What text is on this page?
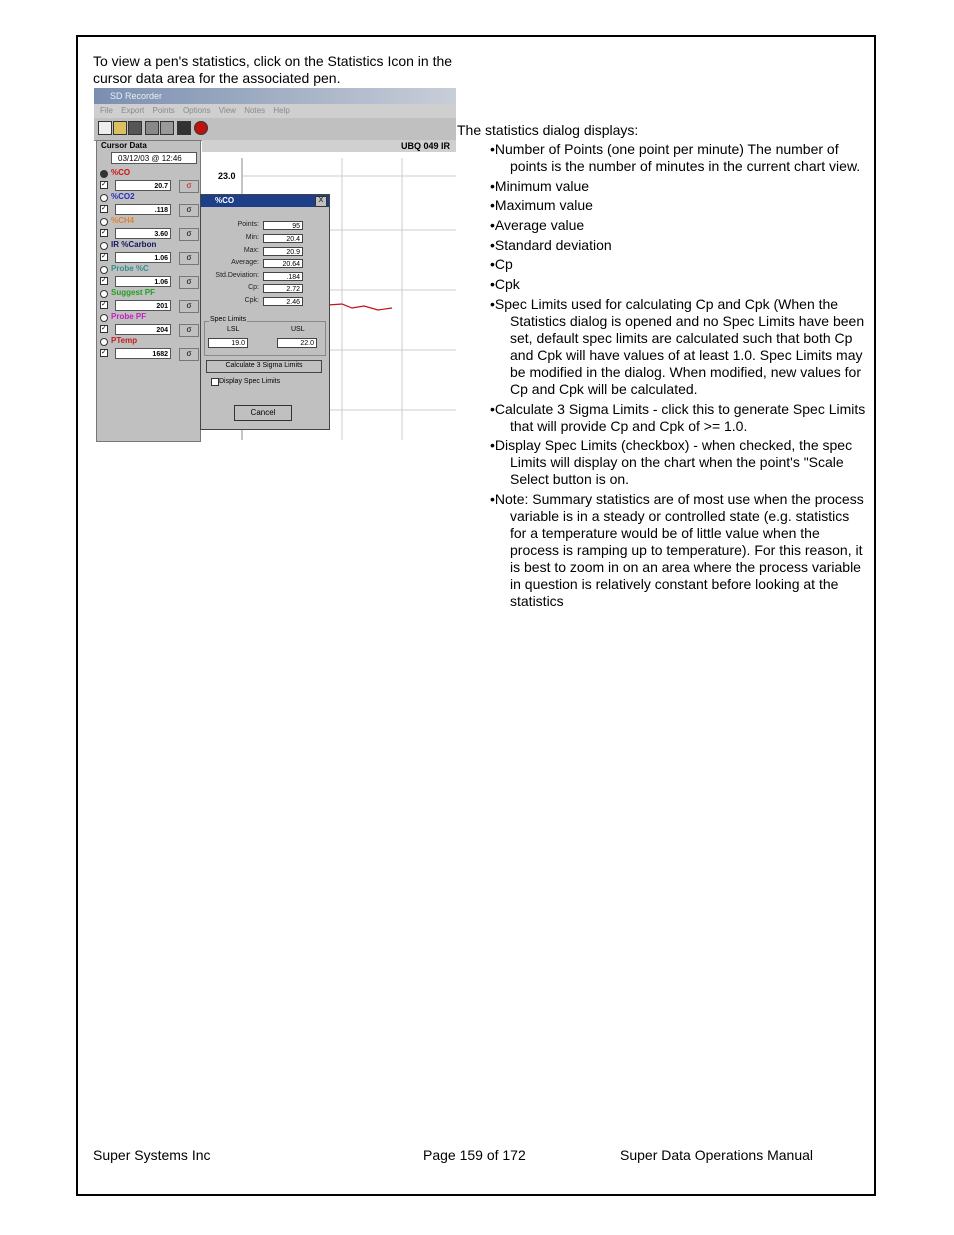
To view a pen's statistics, click on the Statistics Icon in the cursor data area for the associated pen.
SD Recorder
File Export Points Options View Notes Help
Cursor Data
03/12/03 @ 12:46
%CO
✓	20.7	σ
%CO2
✓	.118	σ
%CH4
✓	3.60	σ
IR %Carbon
✓	1.06	σ
Probe %C
✓	1.06	σ
Suggest PF
✓	201	σ
Probe PF
✓	204	σ
PTemp
✓	1682	σ
UBQ 049 IR
23.0
%CO	X
Points:	95
Min:	20.4
Max:	20.9
Average:	20.64
Std.Deviation:	.184
Cp:	2.72
Cpk:	2.46
Spec Limits
LSL	USL
19.0	22.0
Calculate 3 Sigma Limits
Display Spec Limits
Cancel
The statistics dialog displays:
•Number of Points (one point per minute) The number of points is the number of minutes in the current chart view.
•Minimum value
•Maximum value
•Average value
•Standard deviation
•Cp
•Cpk
•Spec Limits used for calculating Cp and Cpk (When the Statistics dialog is opened and no Spec Limits have been set, default spec limits are calculated such that both Cp and Cpk will have values of at least 1.0. Spec Limits may be modified in the dialog. When modified, new values for Cp and Cpk will be calculated.
•Calculate 3 Sigma Limits - click this to generate Spec Limits that will provide Cp and Cpk of >= 1.0.
•Display Spec Limits (checkbox) - when checked, the spec Limits will display on the chart when the point's "Scale Select button is on.
•Note: Summary statistics are of most use when the process variable is in a steady or controlled state (e.g. statistics for a temperature would be of little value when the process is ramping up to temperature). For this reason, it is best to zoom in on an area where the process variable in question is relatively constant before looking at the statistics
Super Systems Inc	Page 159 of 172	Super Data Operations Manual
